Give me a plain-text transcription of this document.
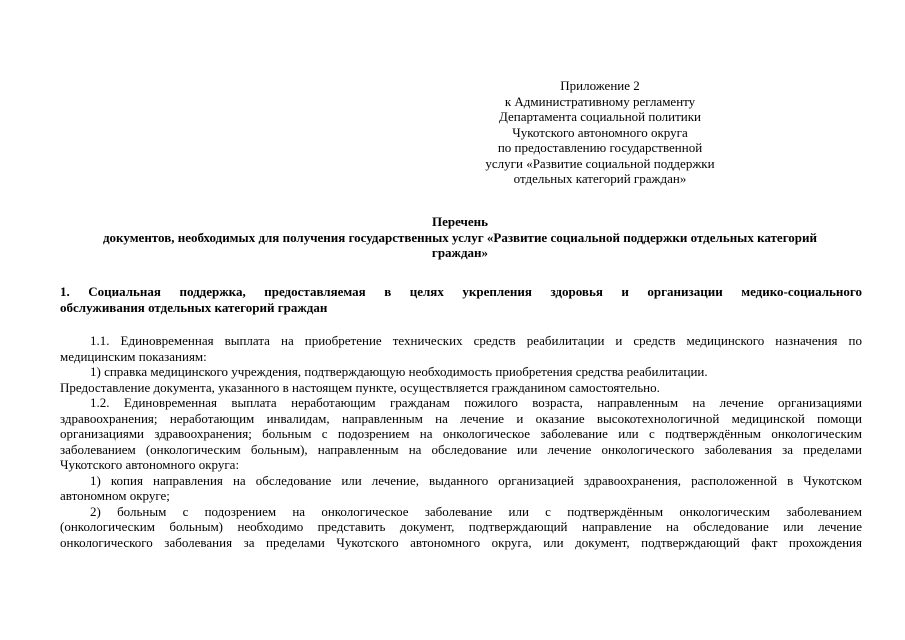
Приложение 2
к Административному регламенту
Департамента социальной политики
Чукотского автономного округа
по предоставлению государственной
услуги «Развитие социальной поддержки
отдельных категорий граждан»
Перечень
документов, необходимых для получения государственных услуг «Развитие социальной поддержки отдельных категорий
граждан»
1. Социальная поддержка, предоставляемая в целях укрепления здоровья и организации медико-социального
обслуживания отдельных категорий граждан
1.1. Единовременная выплата на приобретение технических средств реабилитации и средств медицинского назначения по
медицинским показаниям:
1) справка медицинского учреждения, подтверждающую необходимость приобретения средства реабилитации.
Предоставление документа, указанного в настоящем пункте, осуществляется гражданином самостоятельно.
1.2. Единовременная выплата неработающим гражданам пожилого возраста, направленным на лечение организациями
здравоохранения; неработающим инвалидам, направленным на лечение и оказание высокотехнологичной медицинской помощи
организациями здравоохранения; больным с подозрением на онкологическое заболевание или с подтверждённым онкологическим
заболеванием (онкологическим больным), направленным на обследование или лечение онкологического заболевания за пределами
Чукотского автономного округа:
1) копия направления на обследование или лечение, выданного организацией здравоохранения, расположенной в Чукотском
автономном округе;
2) больным с подозрением на онкологическое заболевание или с подтверждённым онкологическим заболеванием
(онкологическим больным) необходимо представить документ, подтверждающий направление на обследование или лечение
онкологического заболевания за пределами Чукотского автономного округа, или документ, подтверждающий факт прохождения
